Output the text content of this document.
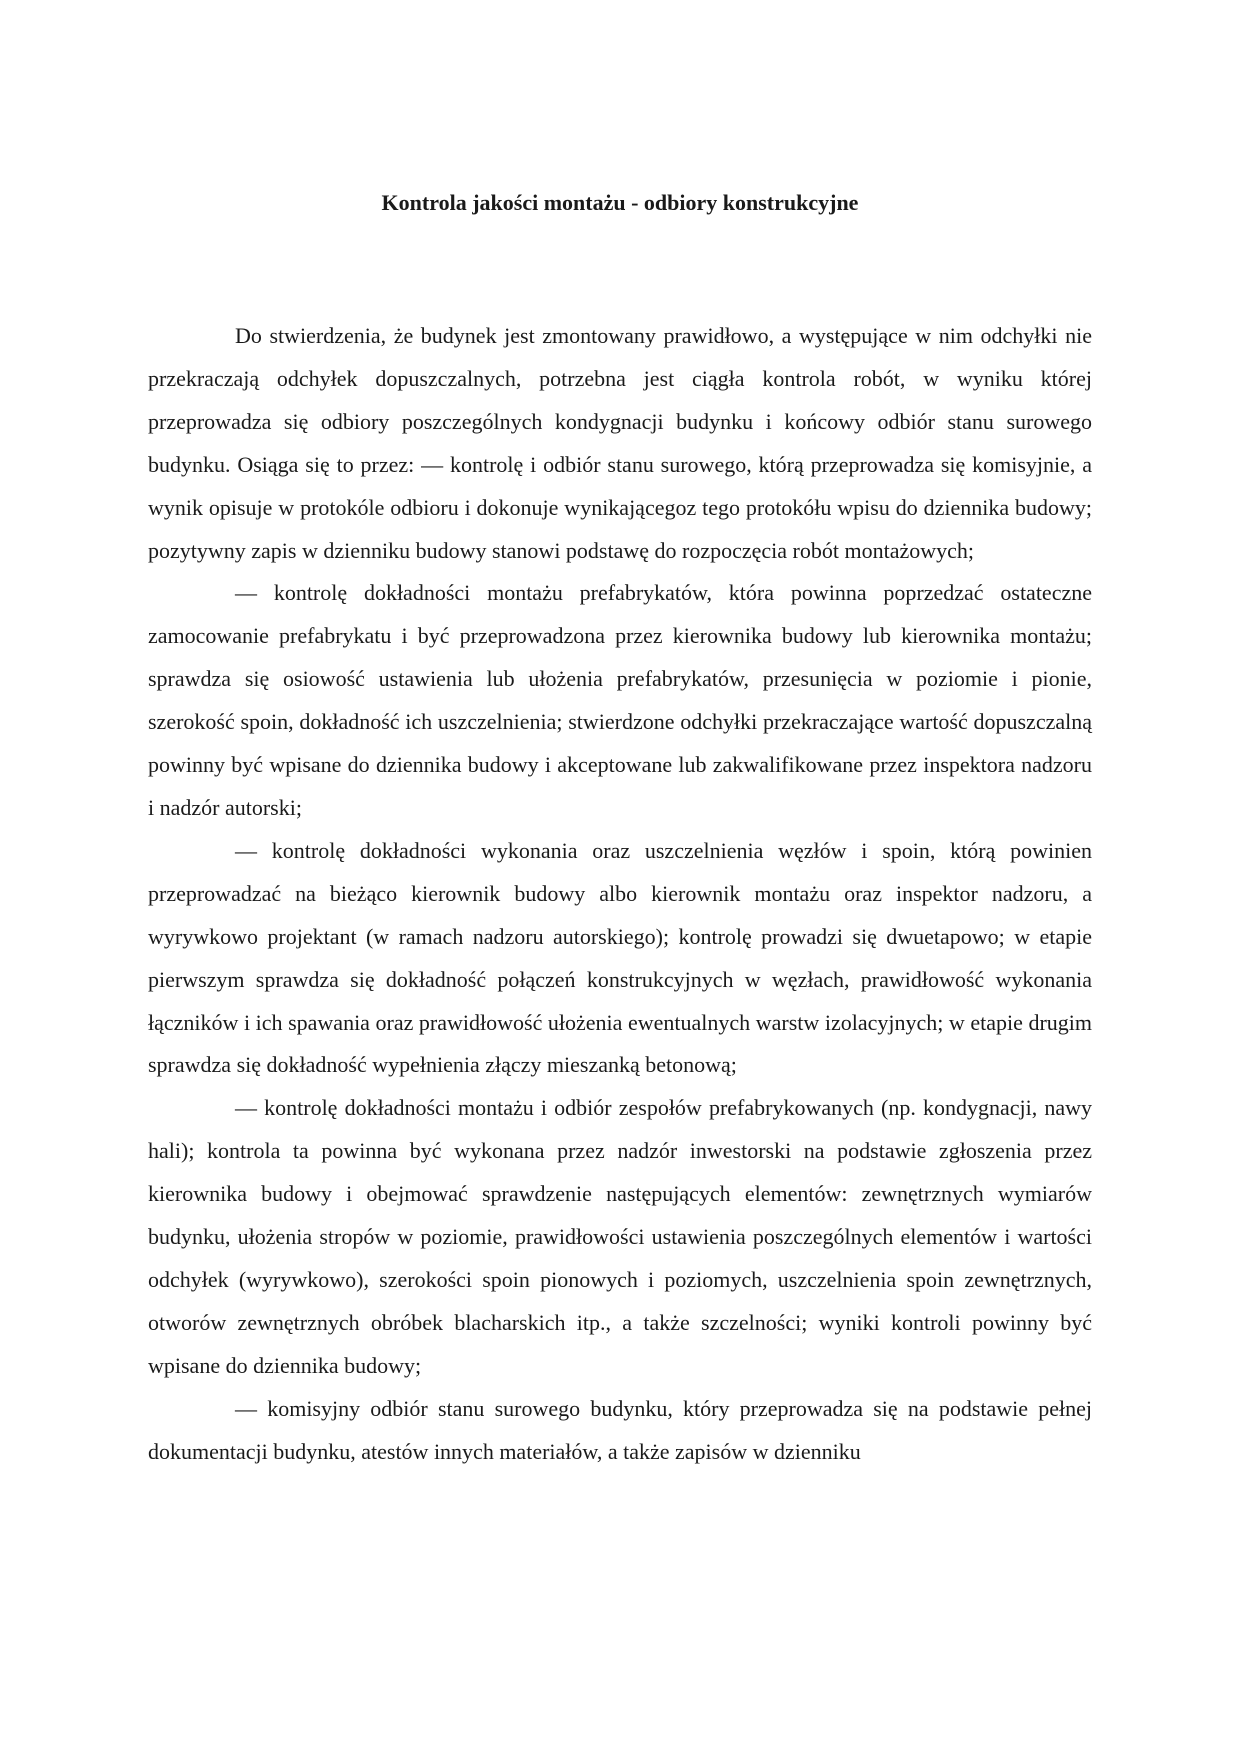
Kontrola jakości montażu - odbiory konstrukcyjne

Do stwierdzenia, że budynek jest zmontowany prawidłowo, a występujące w nim odchyłki nie przekraczają odchyłek dopuszczalnych, potrzebna jest ciągła kontrola robót, w wyniku której przeprowadza się odbiory poszczególnych kondygnacji budynku i końcowy odbiór stanu surowego budynku. Osiąga się to przez: — kontrolę i odbiór stanu surowego, którą przeprowadza się komisyjnie, a wynik opisuje w protokóle odbioru i dokonuje wynikającegoz tego protokółu wpisu do dziennika budowy; pozytywny zapis w dzienniku budowy stanowi podstawę do rozpoczęcia robót montażowych;

— kontrolę dokładności montażu prefabrykatów, która powinna poprzedzać ostateczne zamocowanie prefabrykatu i być przeprowadzona przez kierownika budowy lub kierownika montażu; sprawdza się osiowość ustawienia lub ułożenia prefabrykatów, przesunięcia w poziomie i pionie, szerokość spoin, dokładność ich uszczelnienia; stwierdzone odchyłki przekraczające wartość dopuszczalną powinny być wpisane do dziennika budowy i akceptowane lub zakwalifikowane przez inspektora nadzoru i nadzór autorski;

— kontrolę dokładności wykonania oraz uszczelnienia węzłów i spoin, którą powinien przeprowadzać na bieżąco kierownik budowy albo kierownik montażu oraz inspektor nadzoru, a wyrywkowo projektant (w ramach nadzoru autorskiego); kontrolę prowadzi się dwuetapowo; w etapie pierwszym sprawdza się dokładność połączeń konstrukcyjnych w węzłach, prawidłowość wykonania łączników i ich spawania oraz prawidłowość ułożenia ewentualnych warstw izolacyjnych; w etapie drugim sprawdza się dokładność wypełnienia złączy mieszanką betonową;

— kontrolę dokładności montażu i odbiór zespołów prefabrykowanych (np. kondygnacji, nawy hali); kontrola ta powinna być wykonana przez nadzór inwestorski na podstawie zgłoszenia przez kierownika budowy i obejmować sprawdzenie następujących elementów: zewnętrznych wymiarów budynku, ułożenia stropów w poziomie, prawidłowości ustawienia poszczególnych elementów i wartości odchyłek (wyrywkowo), szerokości spoin pionowych i poziomych, uszczelnienia spoin zewnętrznych, otworów zewnętrznych obróbek blacharskich itp., a także szczelności; wyniki kontroli powinny być wpisane do dziennika budowy;

— komisyjny odbiór stanu surowego budynku, który przeprowadza się na podstawie pełnej dokumentacji budynku, atestów innych materiałów, a także zapisów w dzienniku
